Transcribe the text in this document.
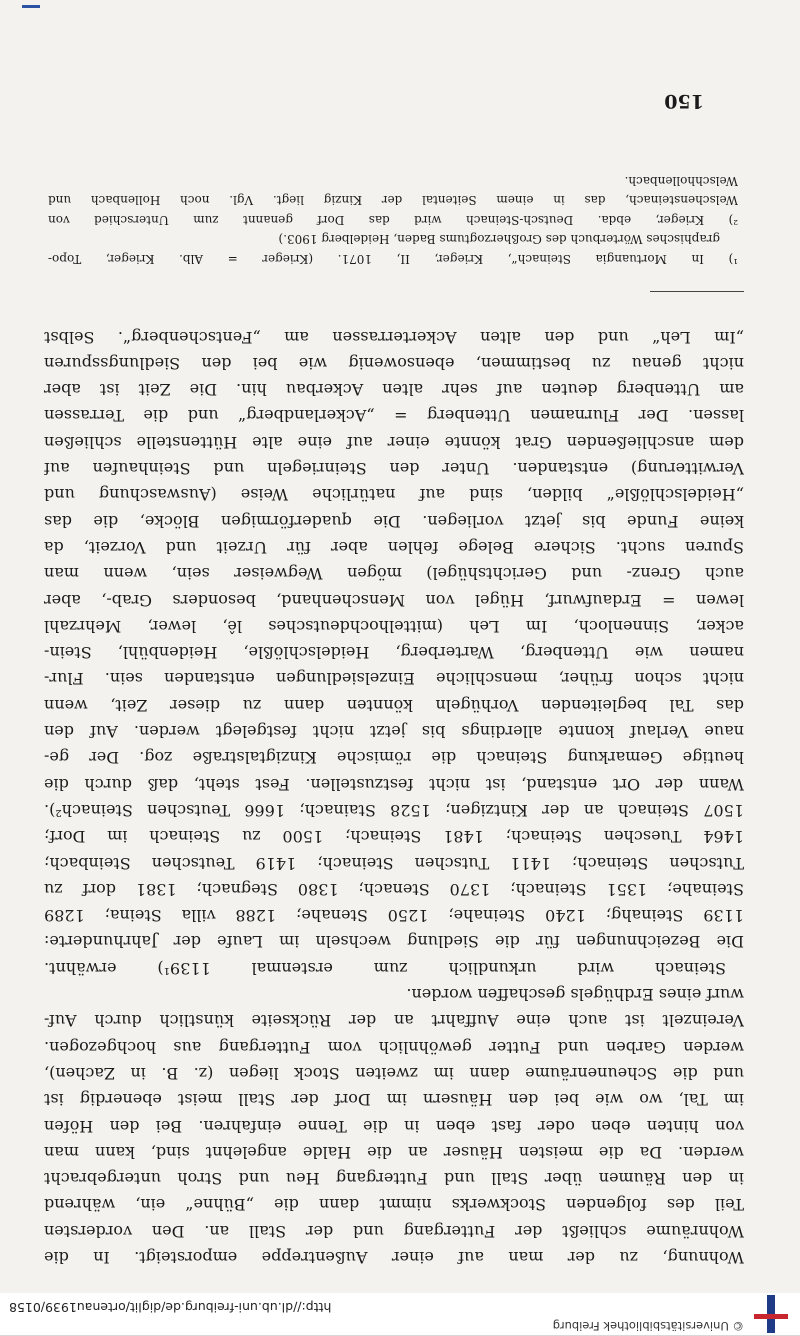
© Universitätsbibliothek Freiburg
http://dl.ub.uni-freiburg.de/diglit/ortenau1939/0158
150
Wohnung, zu der man auf einer Außentreppe emporsteigt. In die
Wohnräume schließt der Futtergang und der Stall an. Den vordersten
Teil des folgenden Stockwerks nimmt dann die „Bühne“ ein, während
in den Räumen über Stall und Futtergang Heu und Stroh untergebracht
werden. Da die meisten Häuser an die Halde angelehnt sind, kann man
von hinten eben oder fast eben in die Tenne einfahren. Bei den Höfen
im Tal, wo wie bei den Häusern im Dorf der Stall meist ebenerdig ist
und die Scheunenräume dann im zweiten Stock liegen (z. B. in Zachen),
werden Garben und Futter gewöhnlich vom Futtergang aus hochgezogen.
Vereinzelt ist auch eine Auffahrt an der Rückseite künstlich durch Auf-
wurf eines Erdhügels geschaffen worden.
Steinach wird urkundlich zum erstenmal 1139¹) erwähnt.
Die Bezeichnungen für die Siedlung wechseln im Laufe der Jahrhunderte:
1139 Steinahg; 1240 Steinahe; 1250 Stenahe; 1288 villa Steina; 1289
Steinahe; 1351 Steinach; 1370 Stenach; 1380 Stegnach; 1381 dorf zu
Tutschen Steinach; 1411 Tutschen Steinach; 1419 Teutschen Steinbach;
1464 Tueschen Steinach; 1481 Steinach; 1500 zu Steinach im Dorf;
1507 Steinach an der Kintzigen; 1528 Stainach; 1666 Teutschen Steinach²).
Wann der Ort entstand, ist nicht festzustellen. Fest steht, daß durch die
heutige Gemarkung Steinach die römische Kinzigtalstraße zog. Der ge-
naue Verlauf konnte allerdings bis jetzt nicht festgelegt werden. Auf den
das Tal begleitenden Vorhügeln könnten dann zu dieser Zeit, wenn
nicht schon früher, menschliche Einzelsiedlungen entstanden sein. Flur-
namen wie Uttenberg, Warterberg, Heidelschlößle, Heidenbühl, Stein-
acker, Sinnenloch, Im Leh (mittelhochdeutsches lê, lewer, Mehrzahl
lewen = Erdaufwurf, Hügel von Menschenhand, besonders Grab-, aber
auch Grenz- und Gerichtshügel) mögen Wegweiser sein, wenn man
Spuren sucht. Sichere Belege fehlen aber für Urzeit und Vorzeit, da
keine Funde bis jetzt vorliegen. Die quaderförmigen Blöcke, die das
„Heidelschlößle“ bilden, sind auf natürliche Weise (Auswaschung und
Verwitterung) entstanden. Unter den Steinriegeln und Steinhaufen auf
dem anschließenden Grat könnte einer auf eine alte Hüttenstelle schließen
lassen. Der Flurnamen Uttenberg = „Ackerlandberg“ und die Terrassen
am Uttenberg deuten auf sehr alten Ackerbau hin. Die Zeit ist aber
nicht genau zu bestimmen, ebensowenig wie bei den Siedlungsspuren
„Im Leh“ und den alten Ackerterrassen am „Fentschenberg“. Selbst
¹) In Mortuangia Steinach“, Krieger, II, 1071. (Krieger = Alb. Krieger, Topo-
graphisches Wörterbuch des Großherzogtums Baden, Heidelberg 1903.)
²) Krieger, ebda. Deutsch-Steinach wird das Dorf genannt zum Unterschied von
Welschensteinach, das in einem Seitental der Kinzig liegt. Vgl. noch Hollenbach und
Welschhollenbach.
